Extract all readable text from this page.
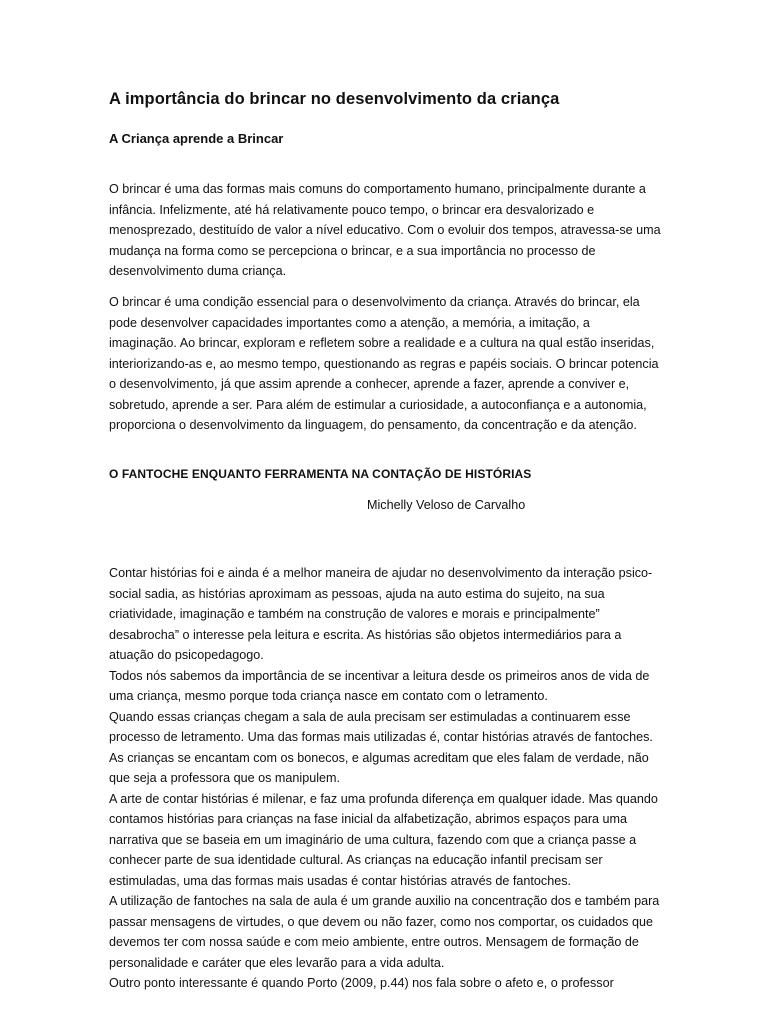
A importância do brincar no desenvolvimento da criança
A Criança aprende a Brincar

O brincar é uma das formas mais comuns do comportamento humano, principalmente durante a infância. Infelizmente, até há relativamente pouco tempo, o brincar era desvalorizado e menosprezado, destituído de valor a nível educativo. Com o evoluir dos tempos, atravessa-se uma mudança na forma como se percepciona o brincar, e a sua importância no processo de desenvolvimento duma criança.

O brincar é uma condição essencial para o desenvolvimento da criança. Através do brincar, ela pode desenvolver capacidades importantes como a atenção, a memória, a imitação, a imaginação. Ao brincar, exploram e refletem sobre a realidade e a cultura na qual estão inseridas, interiorizando-as e, ao mesmo tempo, questionando as regras e papéis sociais. O brincar potencia o desenvolvimento, já que assim aprende a conhecer, aprende a fazer, aprende a conviver e, sobretudo, aprende a ser. Para além de estimular a curiosidade, a autoconfiança e a autonomia, proporciona o desenvolvimento da linguagem, do pensamento, da concentração e da atenção.

O FANTOCHE ENQUANTO FERRAMENTA NA CONTAÇÃO DE HISTÓRIAS

Michelly Veloso de Carvalho

Contar histórias foi e ainda é a melhor maneira de ajudar no desenvolvimento da interação psico-social sadia, as histórias aproximam as pessoas, ajuda na auto estima do sujeito, na sua criatividade, imaginação e também na construção de valores e morais e principalmente” desabrocha” o interesse pela leitura e escrita. As histórias são objetos intermediários para a atuação do psicopedagogo.

Todos nós sabemos da importância de se incentivar a leitura desde os primeiros anos de vida de uma criança, mesmo porque toda criança nasce em contato com o letramento.

Quando essas crianças chegam a sala de aula precisam ser estimuladas a continuarem esse processo de letramento. Uma das formas mais utilizadas é, contar histórias através de fantoches. As crianças se encantam com os bonecos, e algumas acreditam que eles falam de verdade, não que seja a professora que os manipulem.

A arte de contar histórias é milenar, e faz uma profunda diferença em qualquer idade. Mas quando contamos histórias para crianças na fase inicial da alfabetização, abrimos espaços para uma narrativa que se baseia em um imaginário de uma cultura, fazendo com que a criança passe a conhecer parte de sua identidade cultural. As crianças na educação infantil precisam ser estimuladas, uma das formas mais usadas é contar histórias através de fantoches.

A utilização de fantoches na sala de aula é um grande auxilio na concentração dos e também para passar mensagens de virtudes, o que devem ou não fazer, como nos comportar, os cuidados que devemos ter com nossa saúde e com meio ambiente, entre outros. Mensagem de formação de personalidade e caráter que eles levarão para a vida adulta.

Outro ponto interessante é quando Porto (2009, p.44) nos fala sobre o afeto e, o professor
